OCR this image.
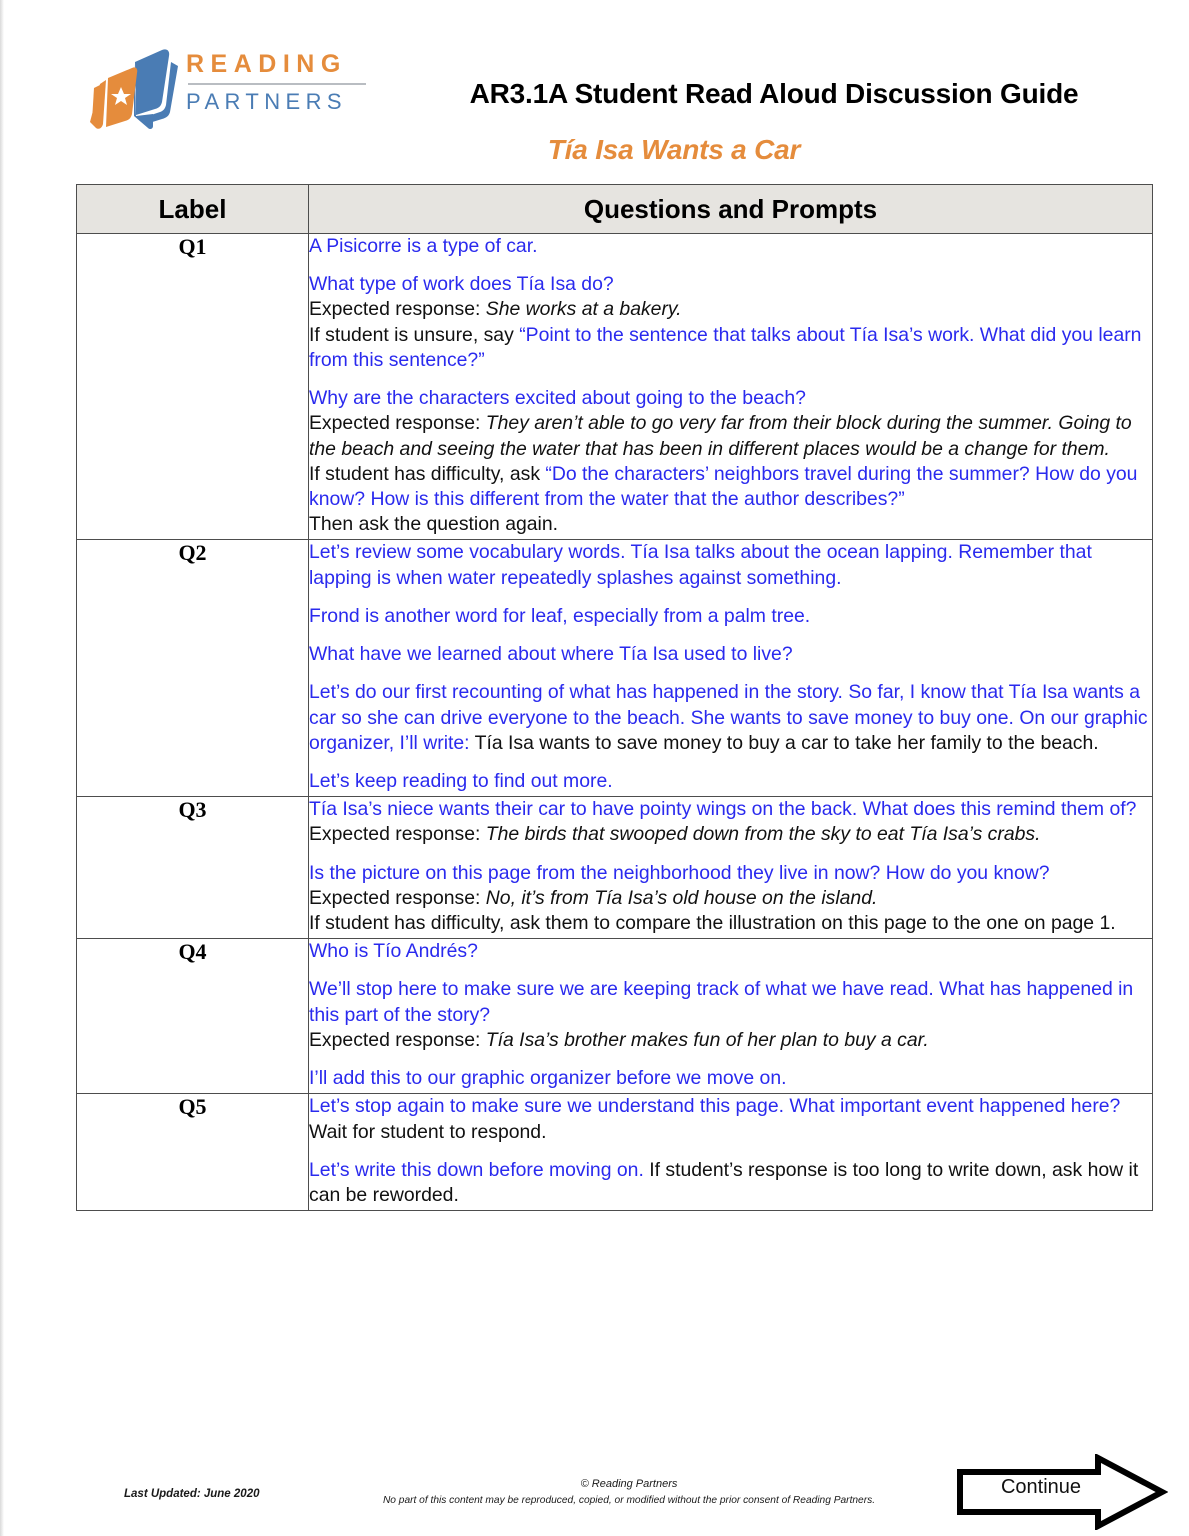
READING
PARTNERS	AR3.1A Student Read Aloud Discussion Guide
Tía Isa Wants a Car
Label	Questions and Prompts
Q1	A Pisicorre is a type of car.
What type of work does Tía Isa do?
Expected response: She works at a bakery.
If student is unsure, say “Point to the sentence that talks about Tía Isa’s work. What did you learn from this sentence?”
Why are the characters excited about going to the beach?
Expected response: They aren’t able to go very far from their block during the summer. Going to the beach and seeing the water that has been in different places would be a change for them.
If student has difficulty, ask “Do the characters’ neighbors travel during the summer? How do you know? How is this different from the water that the author describes?”
Then ask the question again.

Q2	Let’s review some vocabulary words. Tía Isa talks about the ocean lapping. Remember that lapping is when water repeatedly splashes against something.
Frond is another word for leaf, especially from a palm tree.
What have we learned about where Tía Isa used to live?
Let’s do our first recounting of what has happened in the story. So far, I know that Tía Isa wants a car so she can drive everyone to the beach. She wants to save money to buy one. On our graphic organizer, I’ll write: Tía Isa wants to save money to buy a car to take her family to the beach.
Let’s keep reading to find out more.

Q3	Tía Isa’s niece wants their car to have pointy wings on the back. What does this remind them of?
Expected response: The birds that swooped down from the sky to eat Tía Isa’s crabs.
Is the picture on this page from the neighborhood they live in now? How do you know?
Expected response: No, it’s from Tía Isa’s old house on the island.
If student has difficulty, ask them to compare the illustration on this page to the one on page 1.

Q4	Who is Tío Andrés?
We’ll stop here to make sure we are keeping track of what we have read. What has happened in this part of the story?
Expected response: Tía Isa’s brother makes fun of her plan to buy a car.
I’ll add this to our graphic organizer before we move on.

Q5	Let’s stop again to make sure we understand this page. What important event happened here? Wait for student to respond.
Let’s write this down before moving on. If student’s response is too long to write down, ask how it can be reworded.
Last Updated: June 2020
© Reading Partners
No part of this content may be reproduced, copied, or modified without the prior consent of Reading Partners.
Continue
